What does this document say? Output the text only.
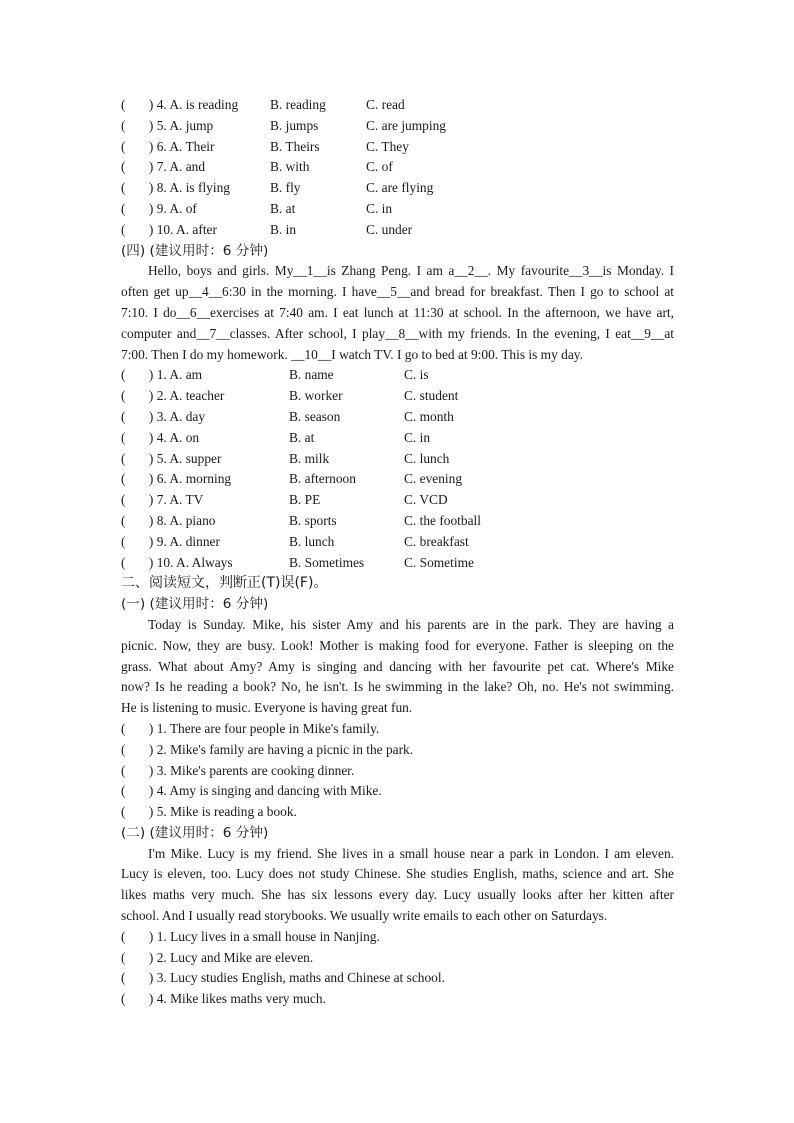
(       ) 4. A. is reading B. reading	C. read
(       ) 5. A. jump	B. jumps	C. are jumping
(       ) 6. A. Their	B. Theirs	C. They
(       ) 7. A. and	B. with	C. of
(       ) 8. A. is flying	B. fly	C. are flying
(       ) 9. A. of	B. at	C. in
(       ) 10. A. after	B. in	C. under
(四) (建议用时：6 分钟)

Hello, boys and girls. My__1__is Zhang Peng. I am a__2__. My favourite__3__is Monday. I

often get up__4__6:30 in the morning. I have__5__and bread for breakfast. Then I go to school at

7:10. I do__6__exercises at 7:40 am. I eat lunch at 11:30 at school. In the afternoon, we have art,

computer and__7__classes. After school, I play__8__with my friends. In the evening, I eat__9__at

7:00. Then I do my homework. __10__I watch TV. I go to bed at 9:00. This is my day.

(       ) 1. A. am	B. name	C. is
(       ) 2. A. teacher	B. worker	C. student
(       ) 3. A. day	B. season	C. month
(       ) 4. A. on	B. at	C. in
(       ) 5. A. supper	B. milk	C. lunch
(       ) 6. A. morning	B. afternoon	C. evening
(       ) 7. A. TV	B. PE	C. VCD
(       ) 8. A. piano	B. sports	C. the football
(       ) 9. A. dinner	B. lunch	C. breakfast
(       ) 10. A. Always	B. Sometimes	C. Sometime
二、阅读短文，判断正(T)误(F)。
(一) (建议用时：6 分钟)

Today is Sunday. Mike, his sister Amy and his parents are in the park. They are having a

picnic. Now, they are busy. Look! Mother is making food for everyone. Father is sleeping on the

grass. What about Amy? Amy is singing and dancing with her favourite pet cat. Where's Mike

now? Is he reading a book? No, he isn't. Is he swimming in the lake? Oh, no. He's not swimming.

He is listening to music. Everyone is having great fun.

(       ) 1. There are four people in Mike's family.
(       ) 2. Mike's family are having a picnic in the park.
(       ) 3. Mike's parents are cooking dinner.
(       ) 4. Amy is singing and dancing with Mike.
(       ) 5. Mike is reading a book.
(二) (建议用时：6 分钟)

I'm Mike. Lucy is my friend. She lives in a small house near a park in London. I am eleven.

Lucy is eleven, too. Lucy does not study Chinese. She studies English, maths, science and art. She

likes maths very much. She has six lessons every day. Lucy usually looks after her kitten after

school. And I usually read storybooks. We usually write emails to each other on Saturdays.

(       ) 1. Lucy lives in a small house in Nanjing.
(       ) 2. Lucy and Mike are eleven.
(       ) 3. Lucy studies English, maths and Chinese at school.
(       ) 4. Mike likes maths very much.
